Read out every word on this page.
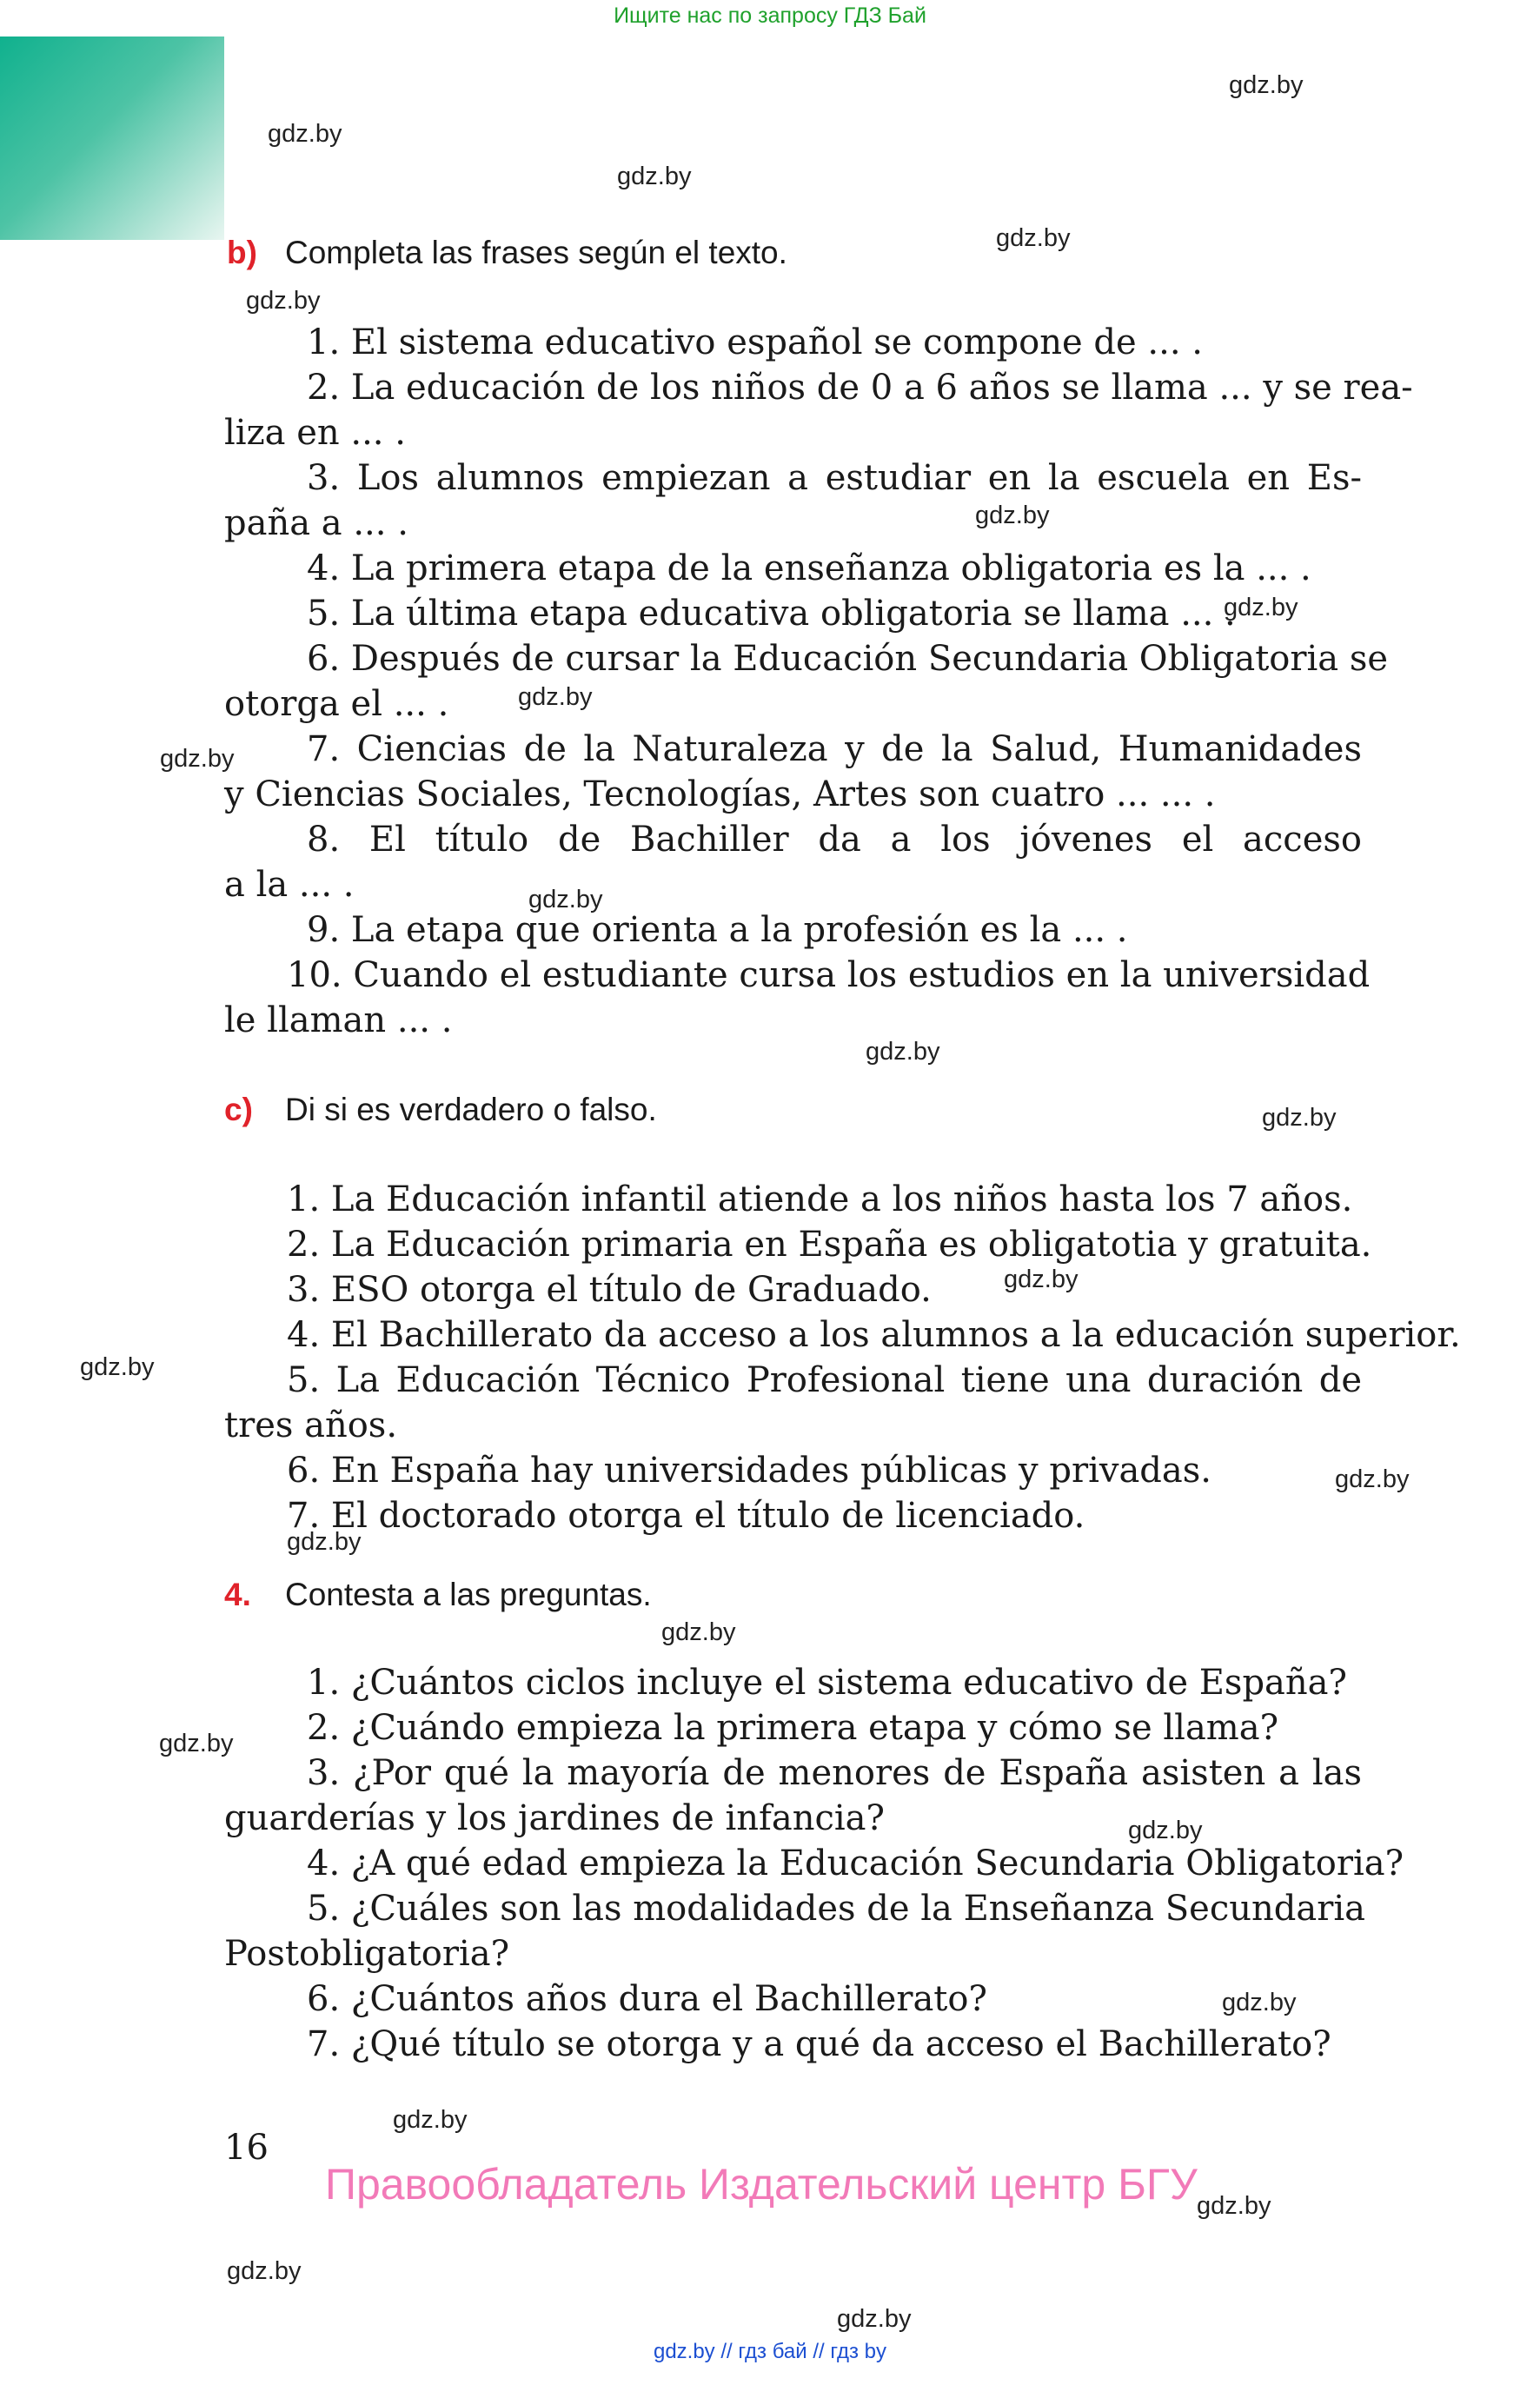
Ищите нас по запросу ГДЗ Бай
gdz.by
gdz.by
gdz.by
gdz.by
gdz.by
gdz.by
gdz.by
gdz.by
gdz.by
gdz.by
gdz.by
gdz.by
gdz.by
gdz.by
gdz.by
gdz.by
gdz.by
gdz.by
gdz.by
gdz.by
gdz.by
gdz.by
gdz.by
gdz.by
b) Completa las frases según el texto.
1. El sistema educativo español se compone de ... .
2. La educación de los niños de 0 a 6 años se llama ... y se rea-
liza en ... .
3. Los alumnos empiezan a estudiar en la escuela en Es-
paña a ... .
4. La primera etapa de la enseñanza obligatoria es la ... .
5. La última etapa educativa obligatoria se llama ... .
6. Después de cursar la Educación Secundaria Obligatoria se
otorga el ... .
7. Ciencias de la Naturaleza y de la Salud, Humanidades
y Ciencias Sociales, Tecnologías, Artes son cuatro ... ... .
8. El título de Bachiller da a los jóvenes el acceso
a la ... .
9. La etapa que orienta a la profesión es la ... .
10. Cuando el estudiante cursa los estudios en la universidad
le llaman ... .
c) Di si es verdadero o falso.
1. La Educación infantil atiende a los niños hasta los 7 años.
2. La Educación primaria en España es obligatotia y gratuita.
3. ESO otorga el título de Graduado.
4. El Bachillerato da acceso a los alumnos a la educación superior.
5. La Educación Técnico Profesional tiene una duración de
tres años.
6. En España hay universidades públicas y privadas.
7. El doctorado otorga el título de licenciado.
4. Contesta a las preguntas.
1. ¿Cuántos ciclos incluye el sistema educativo de España?
2. ¿Cuándo empieza la primera etapa y cómo se llama?
3. ¿Por qué la mayoría de menores de España asisten a las
guarderías y los jardines de infancia?
4. ¿A qué edad empieza la Educación Secundaria Obligatoria?
5. ¿Cuáles son las modalidades de la Enseñanza Secundaria
Postobligatoria?
6. ¿Cuántos años dura el Bachillerato?
7. ¿Qué título se otorga y a qué da acceso el Bachillerato?
16
Правообладатель Издательский центр БГУ
gdz.by // гдз бай // гдз by
